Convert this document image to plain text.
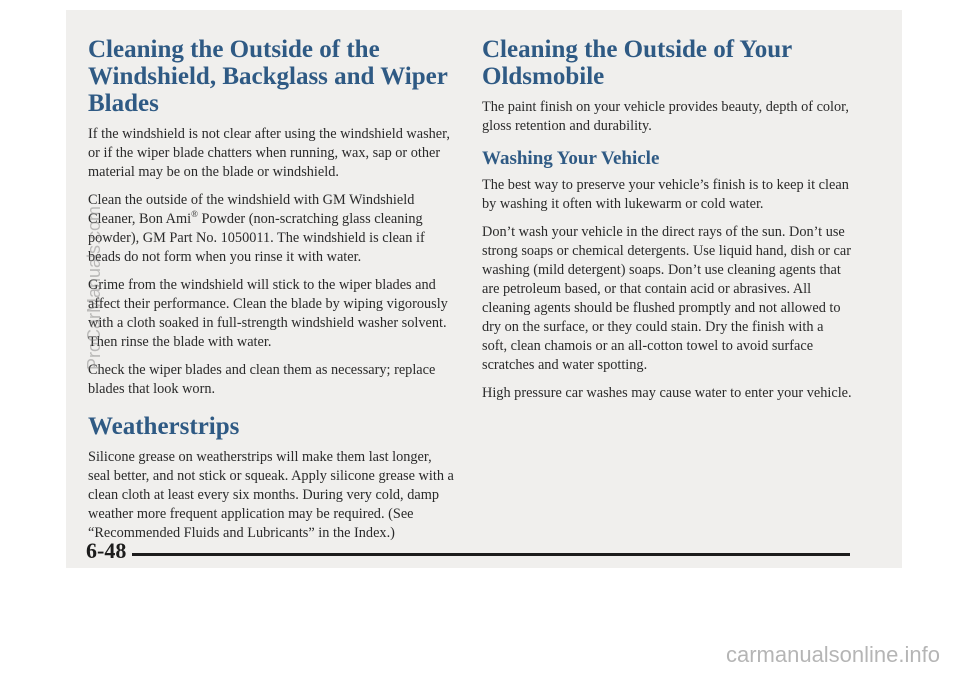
Cleaning the Outside of the Windshield, Backglass and Wiper Blades

If the windshield is not clear after using the windshield washer, or if the wiper blade chatters when running, wax, sap or other material may be on the blade or windshield.

Clean the outside of the windshield with GM Windshield Cleaner, Bon Ami® Powder (non-scratching glass cleaning powder), GM Part No. 1050011. The windshield is clean if beads do not form when you rinse it with water.

Grime from the windshield will stick to the wiper blades and affect their performance. Clean the blade by wiping vigorously with a cloth soaked in full-strength windshield washer solvent. Then rinse the blade with water.

Check the wiper blades and clean them as necessary; replace blades that look worn.

Weatherstrips

Silicone grease on weatherstrips will make them last longer, seal better, and not stick or squeak. Apply silicone grease with a clean cloth at least every six months. During very cold, damp weather more frequent application may be required. (See “Recommended Fluids and Lubricants” in the Index.)

Cleaning the Outside of Your Oldsmobile

The paint finish on your vehicle provides beauty, depth of color, gloss retention and durability.

Washing Your Vehicle

The best way to preserve your vehicle’s finish is to keep it clean by washing it often with lukewarm or cold water.

Don’t wash your vehicle in the direct rays of the sun. Don’t use strong soaps or chemical detergents. Use liquid hand, dish or car washing (mild detergent) soaps. Don’t use cleaning agents that are petroleum based, or that contain acid or abrasives. All cleaning agents should be flushed promptly and not allowed to dry on the surface, or they could stain. Dry the finish with a soft, clean chamois or an all-cotton towel to avoid surface scratches and water spotting.

High pressure car washes may cause water to enter your vehicle.

6-48
ProCarManuals.com
carmanualsonline.info
